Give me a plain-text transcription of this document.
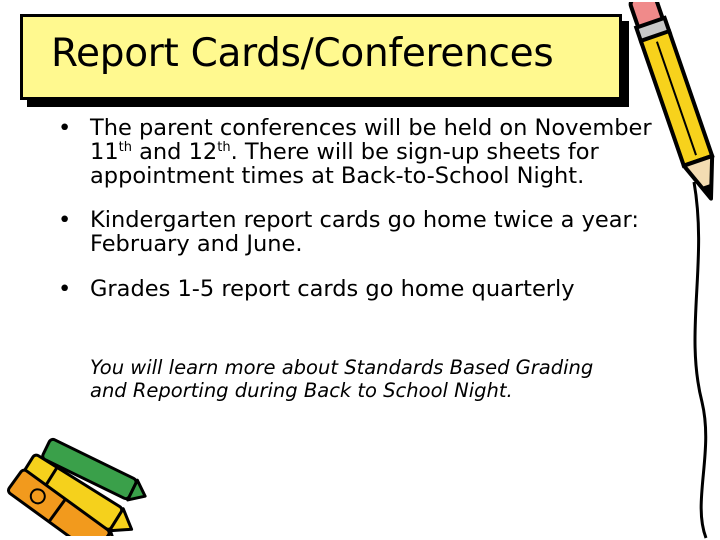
Report Cards/Conferences
• The parent conferences will be held on November 11th and 12th. There will be sign-up sheets for appointment times at Back-to-School Night.
• Kindergarten report cards go home twice a year: February and June.
• Grades 1-5 report cards go home quarterly
You will learn more about Standards Based Grading and Reporting during Back to School Night.
